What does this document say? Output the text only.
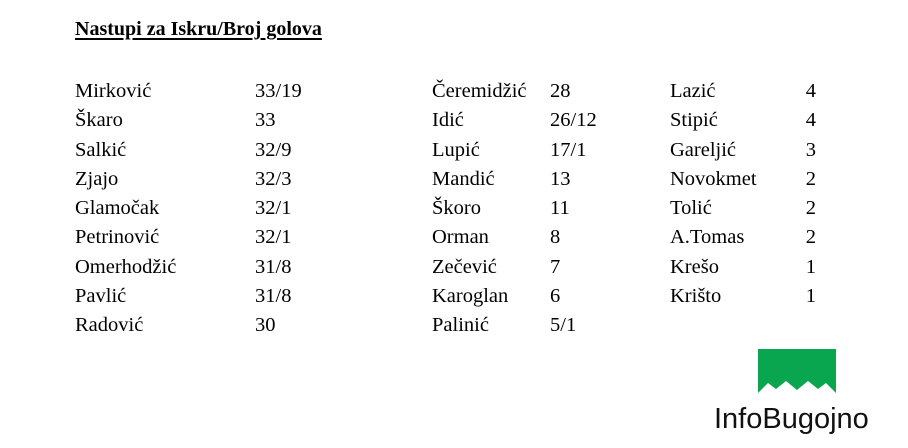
Nastupi za Iskru/Broj golova
Mirković	33/19
Škaro	33
Salkić	32/9
Zjajo	32/3
Glamočak	32/1
Petrinović	32/1
Omerhodžić	31/8
Pavlić	31/8
Radović	30
Čeremidžić 28
Idić	26/12
Lupić	17/1
Mandić	13
Škoro	11
Orman	8
Zečević	7
Karoglan 6
Palinić	5/1
Lazić	4
Stipić	4
Gareljić	3
Novokmet 2
Tolić	2
A.Tomas	2
Krešo	1
Krišto	1
InfoBugojno
